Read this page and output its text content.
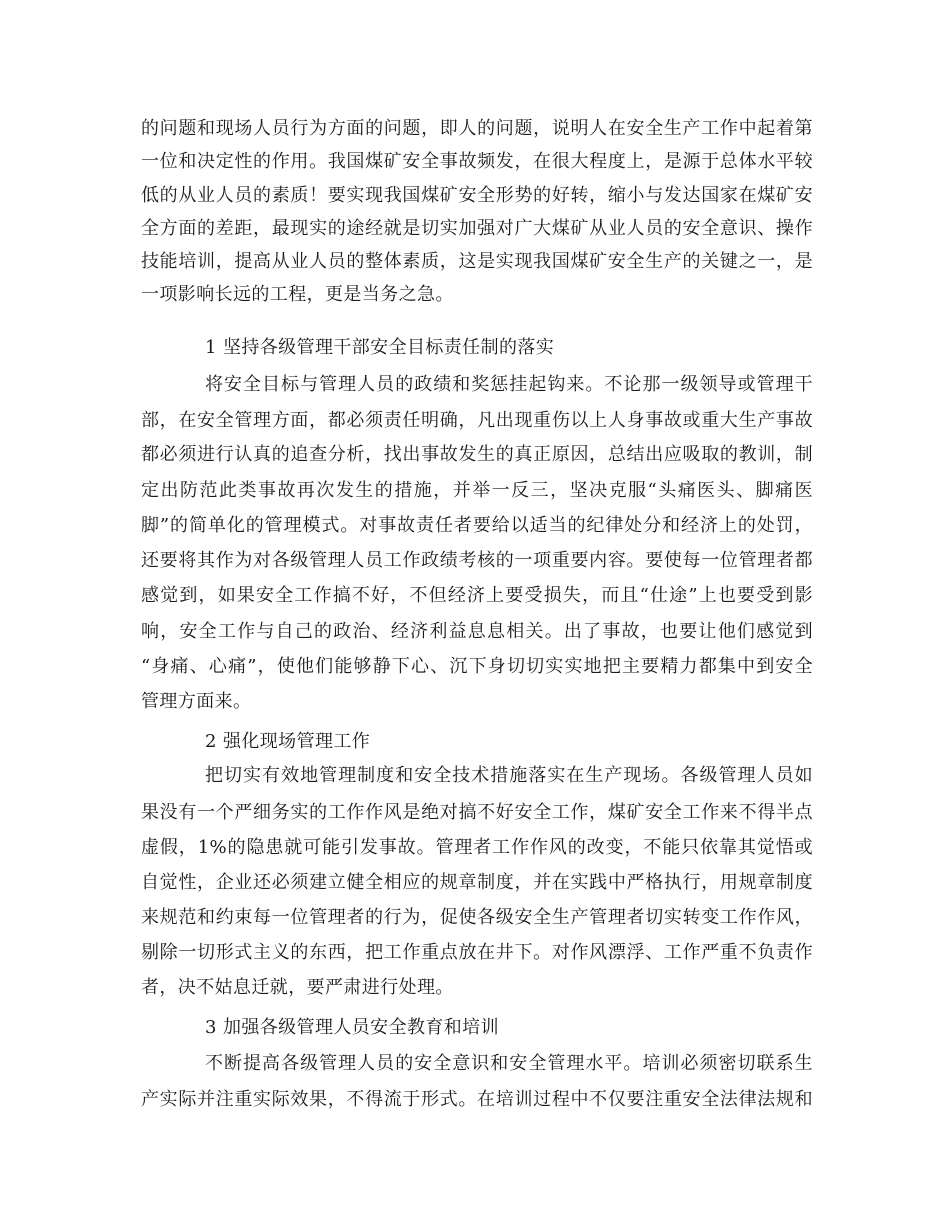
的问题和现场人员行为方面的问题，即人的问题，说明人在安全生产工作中起着第
一位和决定性的作用。我国煤矿安全事故频发，在很大程度上，是源于总体水平较
低的从业人员的素质！要实现我国煤矿安全形势的好转，缩小与发达国家在煤矿安
全方面的差距，最现实的途经就是切实加强对广大煤矿从业人员的安全意识、操作
技能培训，提高从业人员的整体素质，这是实现我国煤矿安全生产的关键之一，是
一项影响长远的工程，更是当务之急。
1 坚持各级管理干部安全目标责任制的落实
将安全目标与管理人员的政绩和奖惩挂起钩来。不论那一级领导或管理干
部，在安全管理方面，都必须责任明确，凡出现重伤以上人身事故或重大生产事故
都必须进行认真的追查分析，找出事故发生的真正原因，总结出应吸取的教训，制
定出防范此类事故再次发生的措施，并举一反三，坚决克服“头痛医头、脚痛医
脚”的简单化的管理模式。对事故责任者要给以适当的纪律处分和经济上的处罚，
还要将其作为对各级管理人员工作政绩考核的一项重要内容。要使每一位管理者都
感觉到，如果安全工作搞不好，不但经济上要受损失，而且“仕途”上也要受到影
响，安全工作与自己的政治、经济利益息息相关。出了事故，也要让他们感觉到
“身痛、心痛”，使他们能够静下心、沉下身切切实实地把主要精力都集中到安全
管理方面来。
2 强化现场管理工作
把切实有效地管理制度和安全技术措施落实在生产现场。各级管理人员如
果没有一个严细务实的工作作风是绝对搞不好安全工作，煤矿安全工作来不得半点
虚假，1%的隐患就可能引发事故。管理者工作作风的改变，不能只依靠其觉悟或
自觉性，企业还必须建立健全相应的规章制度，并在实践中严格执行，用规章制度
来规范和约束每一位管理者的行为，促使各级安全生产管理者切实转变工作作风，
剔除一切形式主义的东西，把工作重点放在井下。对作风漂浮、工作严重不负责作
者，决不姑息迁就，要严肃进行处理。
3 加强各级管理人员安全教育和培训
不断提高各级管理人员的安全意识和安全管理水平。培训必须密切联系生
产实际并注重实际效果，不得流于形式。在培训过程中不仅要注重安全法律法规和
